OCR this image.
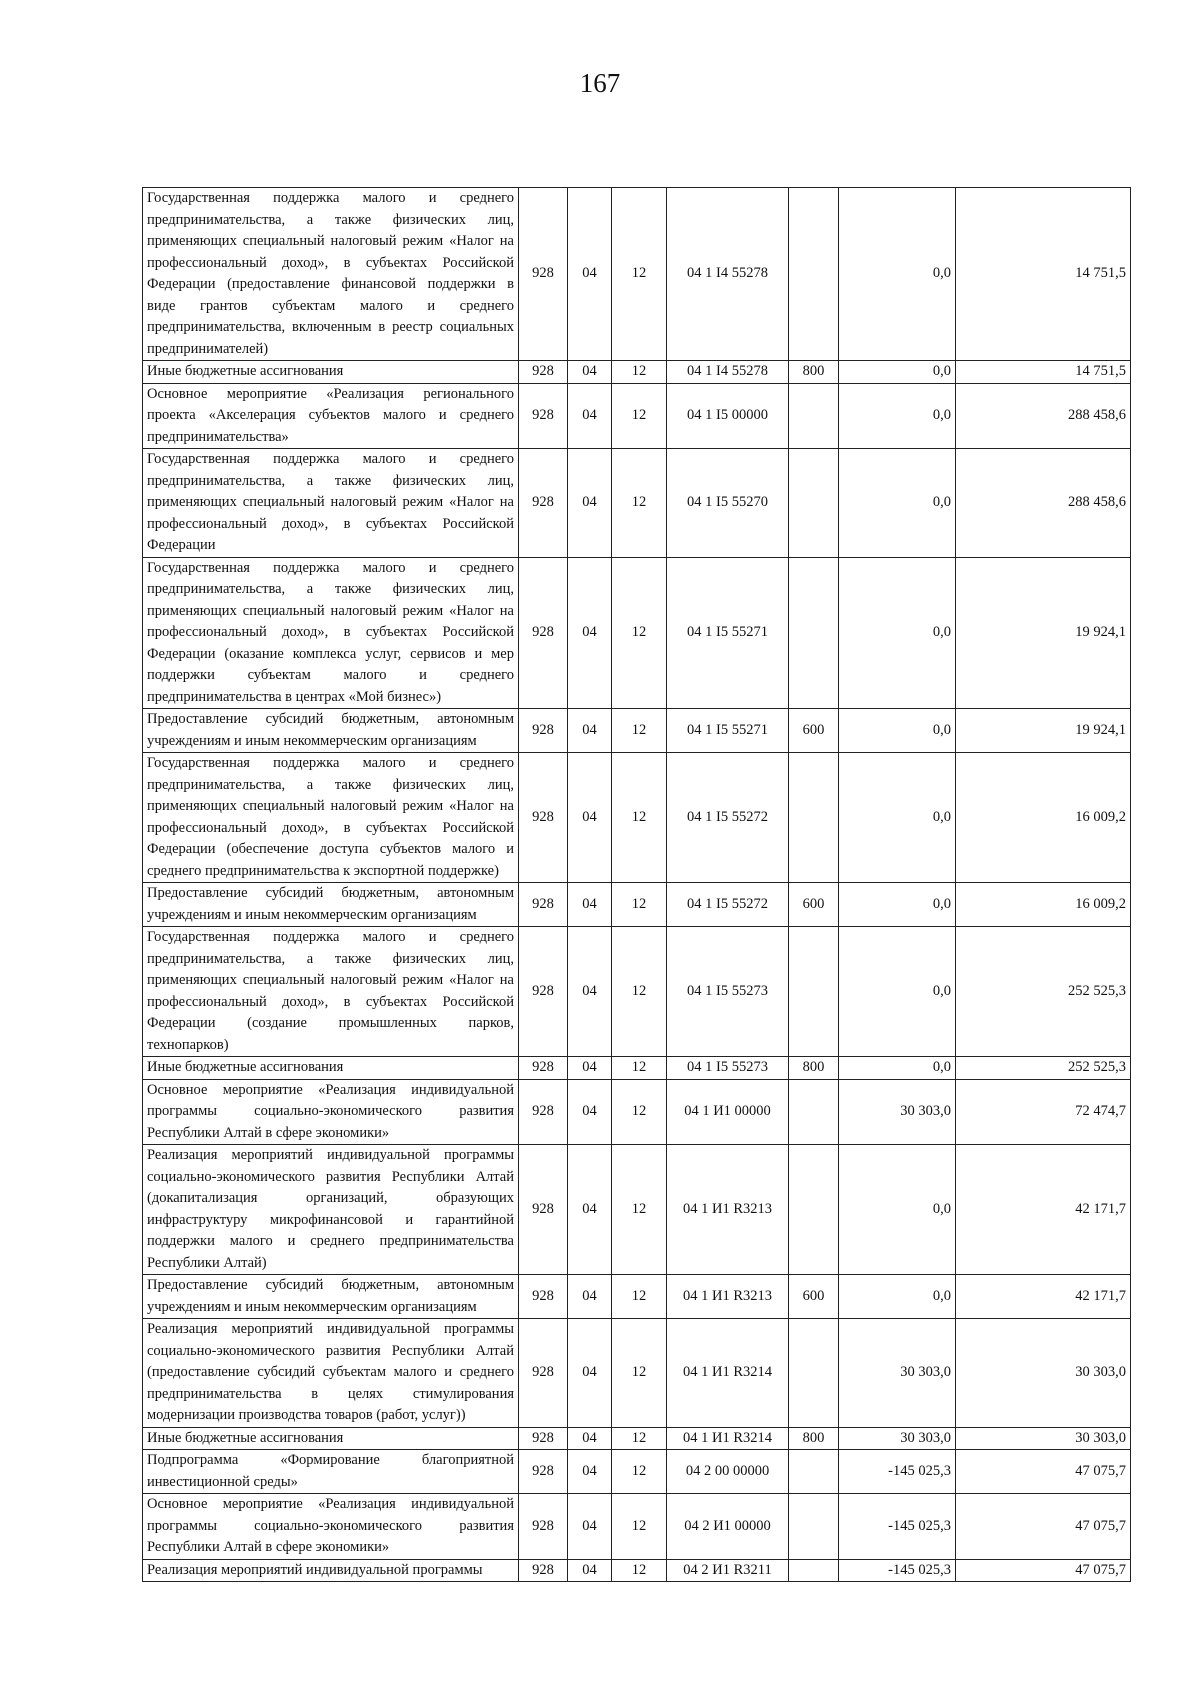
167
Государственная поддержка малого и среднего предпринимательства, а также физических лиц, применяющих специальный налоговый режим «Налог на профессиональный доход», в субъектах Российской Федерации (предоставление финансовой поддержки в виде грантов субъектам малого и среднего предпринимательства, включенным в реестр социальных предпринимателей)	928	04	12	04 1 I4 55278		0,0	14 751,5
Иные бюджетные ассигнования	928	04	12	04 1 I4 55278	800	0,0	14 751,5
Основное мероприятие «Реализация регионального проекта «Акселерация субъектов малого и среднего предпринимательства»	928	04	12	04 1 I5 00000		0,0	288 458,6
Государственная поддержка малого и среднего предпринимательства, а также физических лиц, применяющих специальный налоговый режим «Налог на профессиональный доход», в субъектах Российской Федерации	928	04	12	04 1 I5 55270		0,0	288 458,6
Государственная поддержка малого и среднего предпринимательства, а также физических лиц, применяющих специальный налоговый режим «Налог на профессиональный доход», в субъектах Российской Федерации (оказание комплекса услуг, сервисов и мер поддержки субъектам малого и среднего предпринимательства в центрах «Мой бизнес»)	928	04	12	04 1 I5 55271		0,0	19 924,1
Предоставление субсидий бюджетным, автономным учреждениям и иным некоммерческим организациям	928	04	12	04 1 I5 55271	600	0,0	19 924,1
Государственная поддержка малого и среднего предпринимательства, а также физических лиц, применяющих специальный налоговый режим «Налог на профессиональный доход», в субъектах Российской Федерации (обеспечение доступа субъектов малого и среднего предпринимательства к экспортной поддержке)	928	04	12	04 1 I5 55272		0,0	16 009,2
Предоставление субсидий бюджетным, автономным учреждениям и иным некоммерческим организациям	928	04	12	04 1 I5 55272	600	0,0	16 009,2
Государственная поддержка малого и среднего предпринимательства, а также физических лиц, применяющих специальный налоговый режим «Налог на профессиональный доход», в субъектах Российской Федерации (создание промышленных парков, технопарков)	928	04	12	04 1 I5 55273		0,0	252 525,3
Иные бюджетные ассигнования	928	04	12	04 1 I5 55273	800	0,0	252 525,3
Основное мероприятие «Реализация индивидуальной программы социально-экономического развития Республики Алтай в сфере экономики»	928	04	12	04 1 И1 00000		30 303,0	72 474,7
Реализация мероприятий индивидуальной программы социально-экономического развития Республики Алтай (докапитализация организаций, образующих инфраструктуру микрофинансовой и гарантийной поддержки малого и среднего предпринимательства Республики Алтай)	928	04	12	04 1 И1 R3213		0,0	42 171,7
Предоставление субсидий бюджетным, автономным учреждениям и иным некоммерческим организациям	928	04	12	04 1 И1 R3213	600	0,0	42 171,7
Реализация мероприятий индивидуальной программы социально-экономического развития Республики Алтай (предоставление субсидий субъектам малого и среднего предпринимательства в целях стимулирования модернизации производства товаров (работ, услуг))	928	04	12	04 1 И1 R3214		30 303,0	30 303,0
Иные бюджетные ассигнования	928	04	12	04 1 И1 R3214	800	30 303,0	30 303,0
Подпрограмма «Формирование благоприятной инвестиционной среды»	928	04	12	04 2 00 00000		-145 025,3	47 075,7
Основное мероприятие «Реализация индивидуальной программы социально-экономического развития Республики Алтай в сфере экономики»	928	04	12	04 2 И1 00000		-145 025,3	47 075,7
Реализация мероприятий индивидуальной программы	928	04	12	04 2 И1 R3211		-145 025,3	47 075,7
